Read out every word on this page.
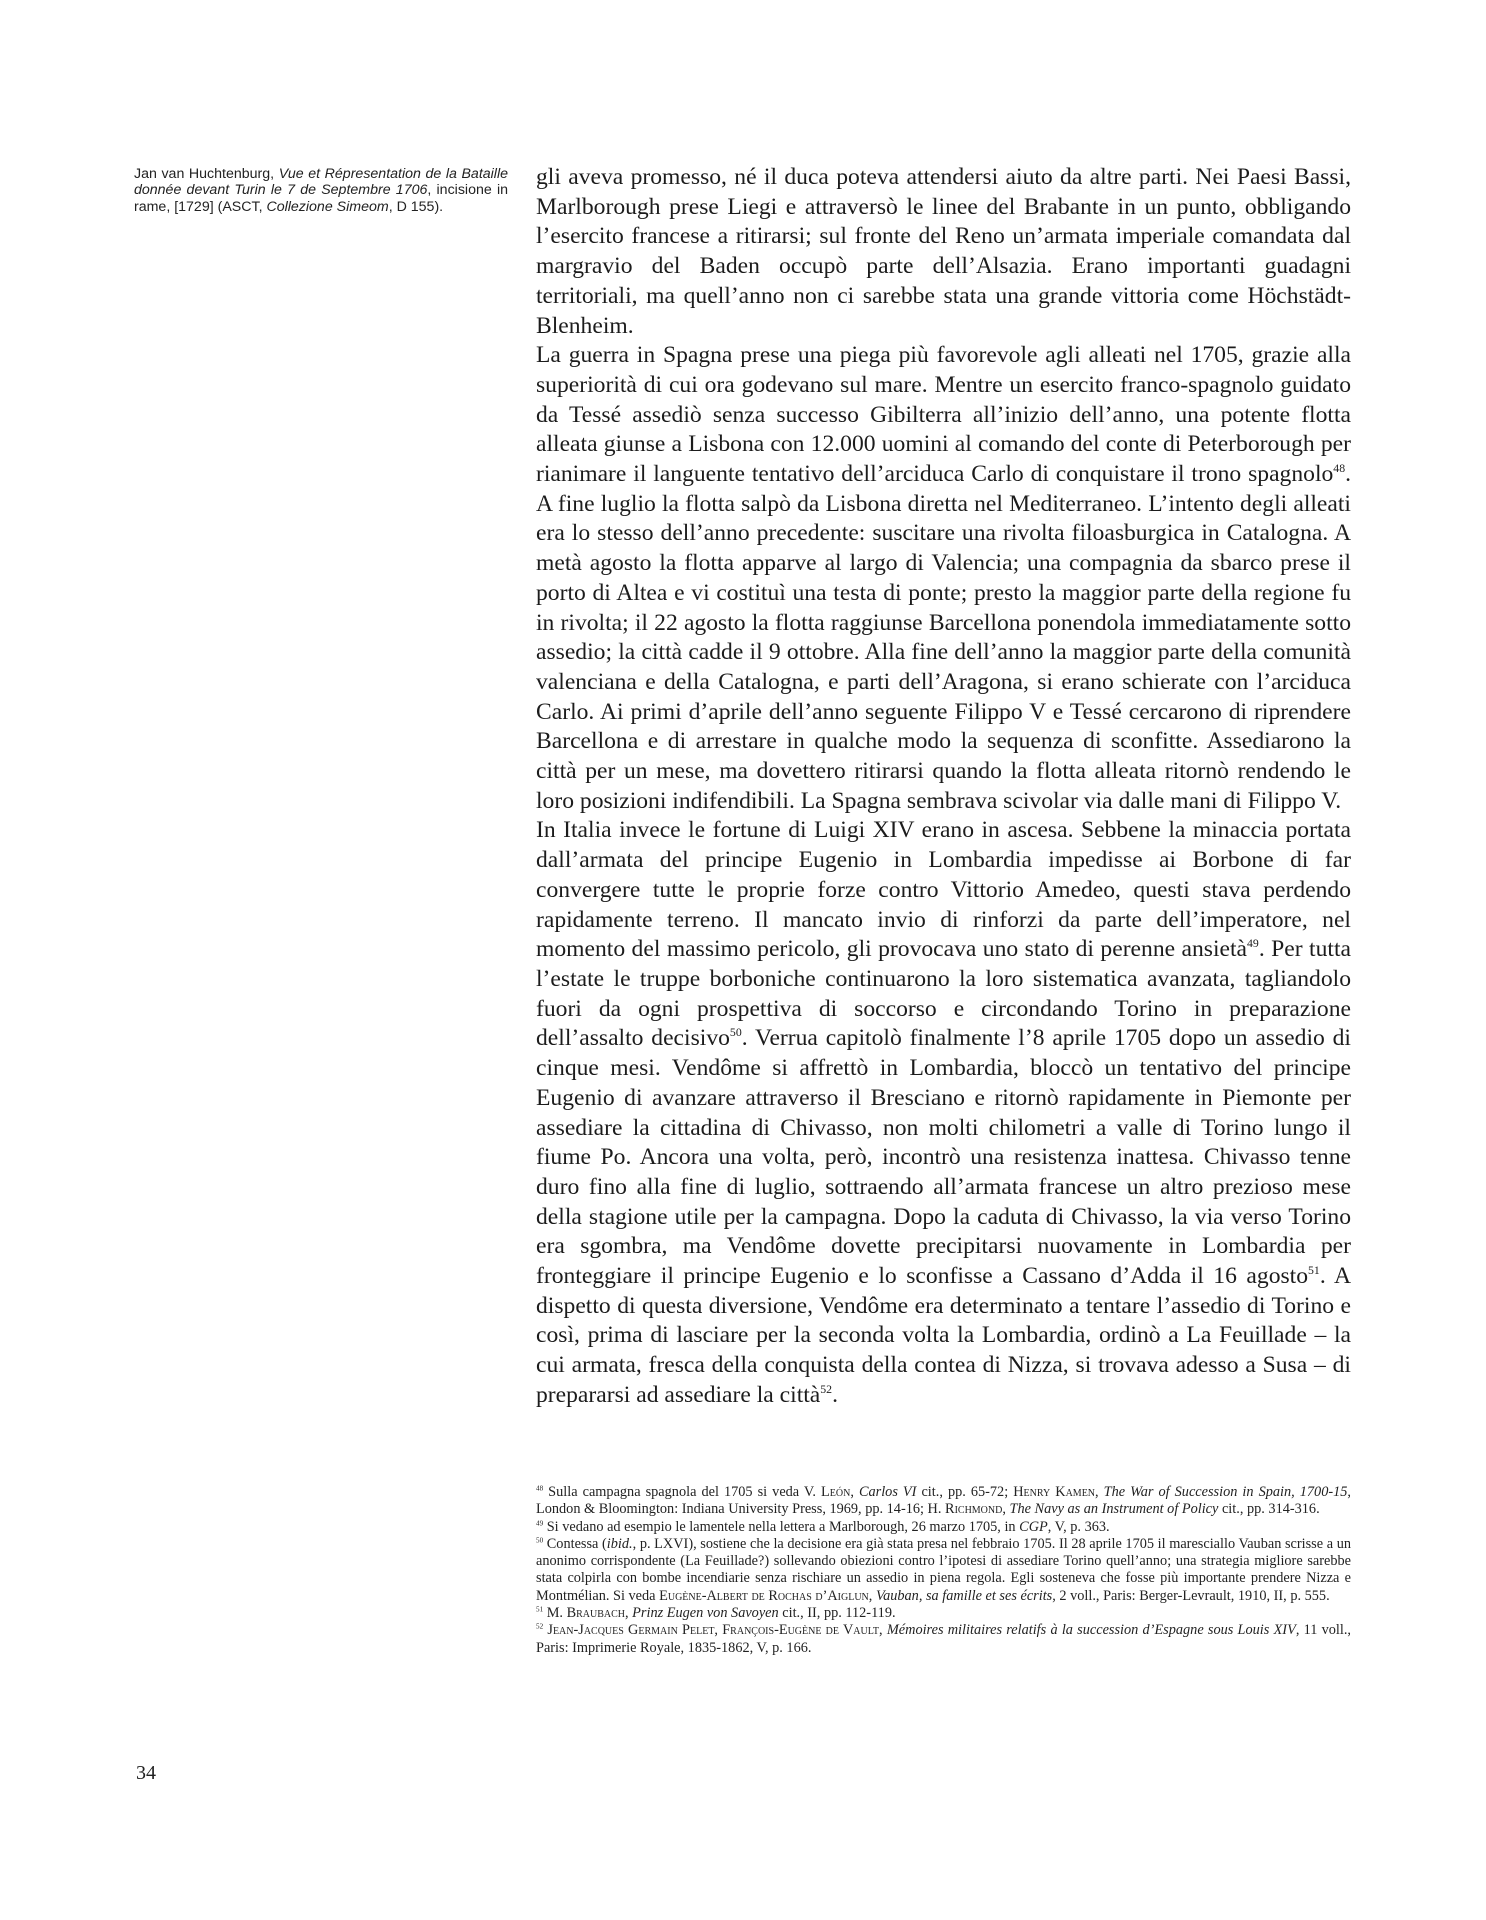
Jan van Huchtenburg, Vue et Répresentation de la Bataille donnée devant Turin le 7 de Septembre 1706, incisione in rame, [1729] (ASCT, Collezione Simeom, D 155).

gli aveva promesso, né il duca poteva attendersi aiuto da altre parti. Nei Paesi Bassi, Marlborough prese Liegi e attraversò le linee del Brabante in un punto, obbligando l’esercito francese a ritirarsi; sul fronte del Reno un’armata imperiale comandata dal margravio del Baden occupò parte dell’Alsazia. Erano importanti guadagni territoriali, ma quell’anno non ci sarebbe stata una grande vittoria come Höchstädt-Blenheim.

La guerra in Spagna prese una piega più favorevole agli alleati nel 1705, grazie alla superiorità di cui ora godevano sul mare. Mentre un esercito franco-spagnolo guidato da Tessé assediò senza successo Gibilterra all’inizio dell’anno, una potente flotta alleata giunse a Lisbona con 12.000 uomini al comando del conte di Peterborough per rianimare il languente tentativo dell’arciduca Carlo di conquistare il trono spagnolo$^{48}$. A fine luglio la flotta salpò da Lisbona diretta nel Mediterraneo. L’intento degli alleati era lo stesso dell’anno precedente: suscitare una rivolta filoasburgica in Catalogna. A metà agosto la flotta apparve al largo di Valencia; una compagnia da sbarco prese il porto di Altea e vi costituì una testa di ponte; presto la maggior parte della regione fu in rivolta; il 22 agosto la flotta raggiunse Barcellona ponendola immediatamente sotto assedio; la città cadde il 9 ottobre. Alla fine dell’anno la maggior parte della comunità valenciana e della Catalogna, e parti dell’Aragona, si erano schierate con l’arciduca Carlo. Ai primi d’aprile dell’anno seguente Filippo V e Tessé cercarono di riprendere Barcellona e di arrestare in qualche modo la sequenza di sconfitte. Assediarono la città per un mese, ma dovettero ritirarsi quando la flotta alleata ritornò rendendo le loro posizioni indifendibili. La Spagna sembrava scivolar via dalle mani di Filippo V.

In Italia invece le fortune di Luigi XIV erano in ascesa. Sebbene la minaccia portata dall’armata del principe Eugenio in Lombardia impedisse ai Borbone di far convergere tutte le proprie forze contro Vittorio Amedeo, questi stava perdendo rapidamente terreno. Il mancato invio di rinforzi da parte dell’imperatore, nel momento del massimo pericolo, gli provocava uno stato di perenne ansietà$^{49}$. Per tutta l’estate le truppe borboniche continuarono la loro sistematica avanzata, tagliandolo fuori da ogni prospettiva di soccorso e circondando Torino in preparazione dell’assalto decisivo$^{50}$. Verrua capitolò finalmente l’8 aprile 1705 dopo un assedio di cinque mesi. Vendôme si affrettò in Lombardia, bloccò un tentativo del principe Eugenio di avanzare attraverso il Bresciano e ritornò rapidamente in Piemonte per assediare la cittadina di Chivasso, non molti chilometri a valle di Torino lungo il fiume Po. Ancora una volta, però, incontrò una resistenza inattesa. Chivasso tenne duro fino alla fine di luglio, sottraendo all’armata francese un altro prezioso mese della stagione utile per la campagna. Dopo la caduta di Chivasso, la via verso Torino era sgombra, ma Vendôme dovette precipitarsi nuovamente in Lombardia per fronteggiare il principe Eugenio e lo sconfisse a Cassano d’Adda il 16 agosto$^{51}$. A dispetto di questa diversione, Vendôme era determinato a tentare l’assedio di Torino e così, prima di lasciare per la seconda volta la Lombardia, ordinò a La Feuillade – la cui armata, fresca della conquista della contea di Nizza, si trovava adesso a Susa – di prepararsi ad assediare la città$^{52}$.

$^{48}$ Sulla campagna spagnola del 1705 si veda V. León, Carlos VI cit., pp. 65-72; Henry Kamen, The War of Succession in Spain, 1700-15, London & Bloomington: Indiana University Press, 1969, pp. 14-16; H. Richmond, The Navy as an Instrument of Policy cit., pp. 314-316.

$^{49}$ Si vedano ad esempio le lamentele nella lettera a Marlborough, 26 marzo 1705, in CGP, V, p. 363.

$^{50}$ Contessa (ibid., p. LXVI), sostiene che la decisione era già stata presa nel febbraio 1705. Il 28 aprile 1705 il maresciallo Vauban scrisse a un anonimo corrispondente (La Feuillade?) sollevando obiezioni contro l’ipotesi di assediare Torino quell’anno; una strategia migliore sarebbe stata colpirla con bombe incendiarie senza rischiare un assedio in piena regola. Egli sosteneva che fosse più importante prendere Nizza e Montmélian. Si veda Eugène-Albert de Rochas d’Aiglun, Vauban, sa famille et ses écrits, 2 voll., Paris: Berger-Levrault, 1910, II, p. 555.

$^{51}$ M. Braubach, Prinz Eugen von Savoyen cit., II, pp. 112-119.

$^{52}$ Jean-Jacques Germain Pelet, François-Eugène de Vault, Mémoires militaires relatifs à la succession d’Espagne sous Louis XIV, 11 voll., Paris: Imprimerie Royale, 1835-1862, V, p. 166.

34
